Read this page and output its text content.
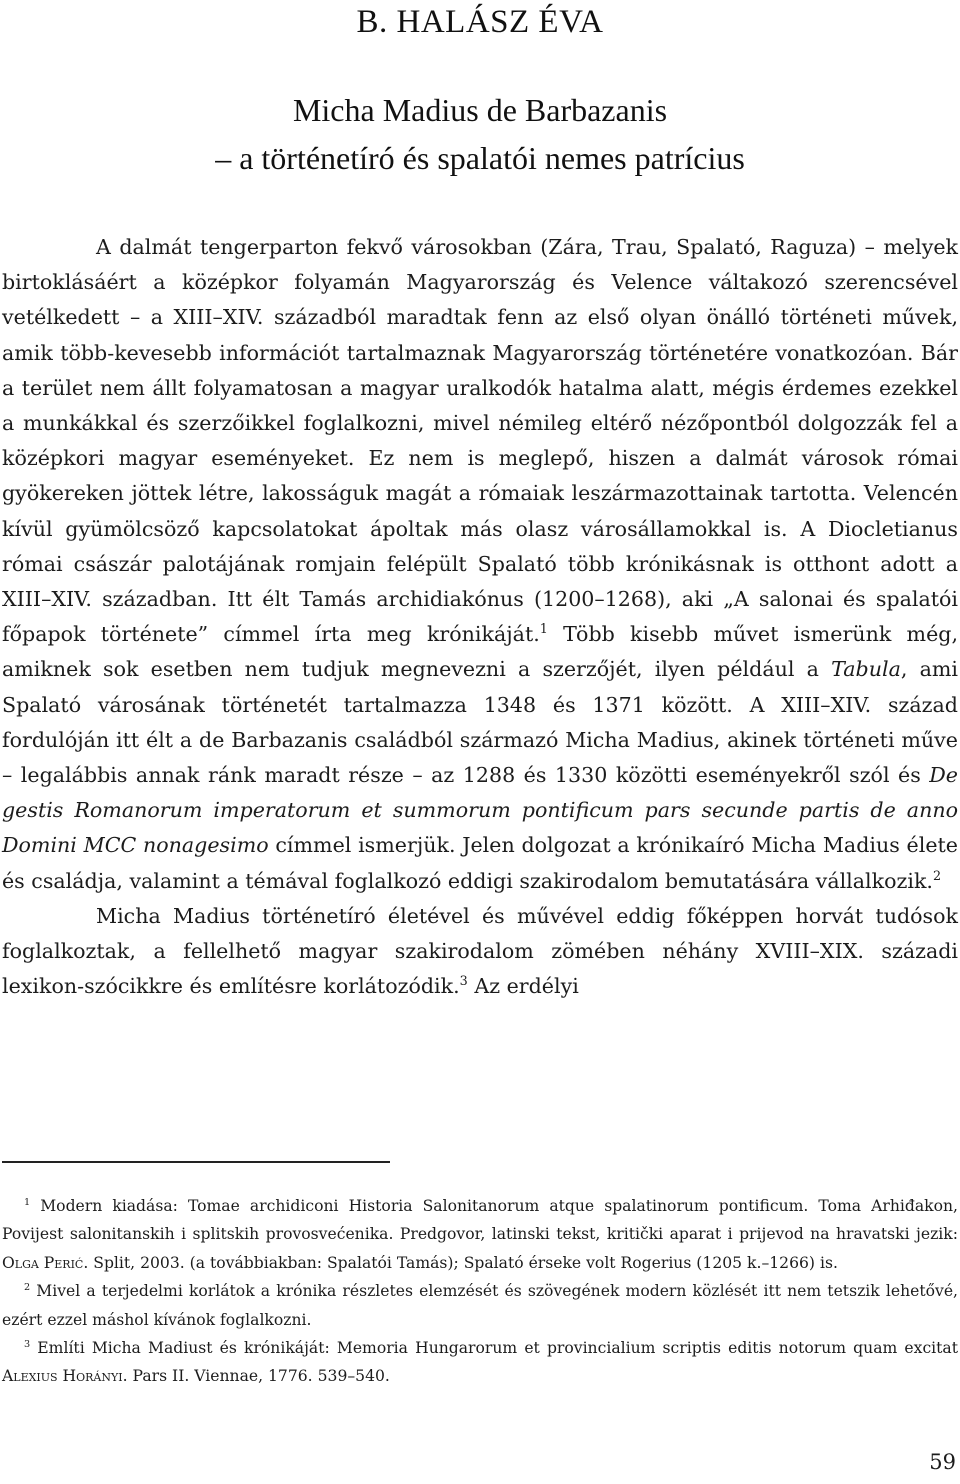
B. HALÁSZ ÉVA
Micha Madius de Barbazanis
– a történetíró és spalatói nemes patrícius

A dalmát tengerparton fekvő városokban (Zára, Trau, Spalató, Raguza) – melyek birtoklásáért a középkor folyamán Magyarország és Velence váltakozó szerencsével vetélkedett – a XIII–XIV. századból maradtak fenn az első olyan önálló történeti művek, amik több-kevesebb információt tartalmaznak Magyarország történetére vonatkozóan. Bár a terület nem állt folyamatosan a magyar uralkodók hatalma alatt, mégis érdemes ezekkel a munkákkal és szerzőikkel foglalkozni, mivel némileg eltérő nézőpontból dolgozzák fel a középkori magyar eseményeket. Ez nem is meglepő, hiszen a dalmát városok római gyökereken jöttek létre, lakosságuk magát a rómaiak leszármazottainak tartotta. Velencén kívül gyümölcsöző kapcsolatokat ápoltak más olasz városállamokkal is. A Diocletianus római császár palotájának romjain felépült Spalató több krónikásnak is otthont adott a XIII–XIV. században. Itt élt Tamás archidiakónus (1200–1268), aki „A salonai és spalatói főpapok története” címmel írta meg krónikáját.$^1$ Több kisebb művet ismerünk még, amiknek sok esetben nem tudjuk megnevezni a szerzőjét, ilyen például a Tabula, ami Spalató városának történetét tartalmazza 1348 és 1371 között. A XIII–XIV. század fordulóján itt élt a de Barbazanis családból származó Micha Madius, akinek történeti műve – legalábbis annak ránk maradt része – az 1288 és 1330 közötti eseményekről szól és De gestis Romanorum imperatorum et summorum pontificum pars secunde partis de anno Domini MCC nonagesimo címmel ismerjük. Jelen dolgozat a krónikaíró Micha Madius élete és családja, valamint a témával foglalkozó eddigi szakirodalom bemutatására vállalkozik.$^2$

Micha Madius történetíró életével és művével eddig főképpen horvát tudósok foglalkoztak, a fellelhető magyar szakirodalom zömében néhány XVIII–XIX. századi lexikon-szócikkre és említésre korlátozódik.$^3$ Az erdélyi

$^1$ Modern kiadása: Tomae archidiconi Historia Salonitanorum atque spalatinorum pontificum. Toma Arhiđakon, Povijest salonitanskih i splitskih provosvećenika. Predgovor, latinski tekst, kritički aparat i prijevod na hravatski jezik: Olga Perić. Split, 2003. (a továbbiakban: Spalatói Tamás); Spalató érseke volt Rogerius (1205 k.–1266) is.

$^2$ Mivel a terjedelmi korlátok a krónika részletes elemzését és szövegének modern közlését itt nem tetszik lehetővé, ezért ezzel máshol kívánok foglalkozni.

$^3$ Említi Micha Madiust és krónikáját: Memoria Hungarorum et provincialium scriptis editis notorum quam excitat Alexius Horányi. Pars II. Viennae, 1776. 539–540.

59
